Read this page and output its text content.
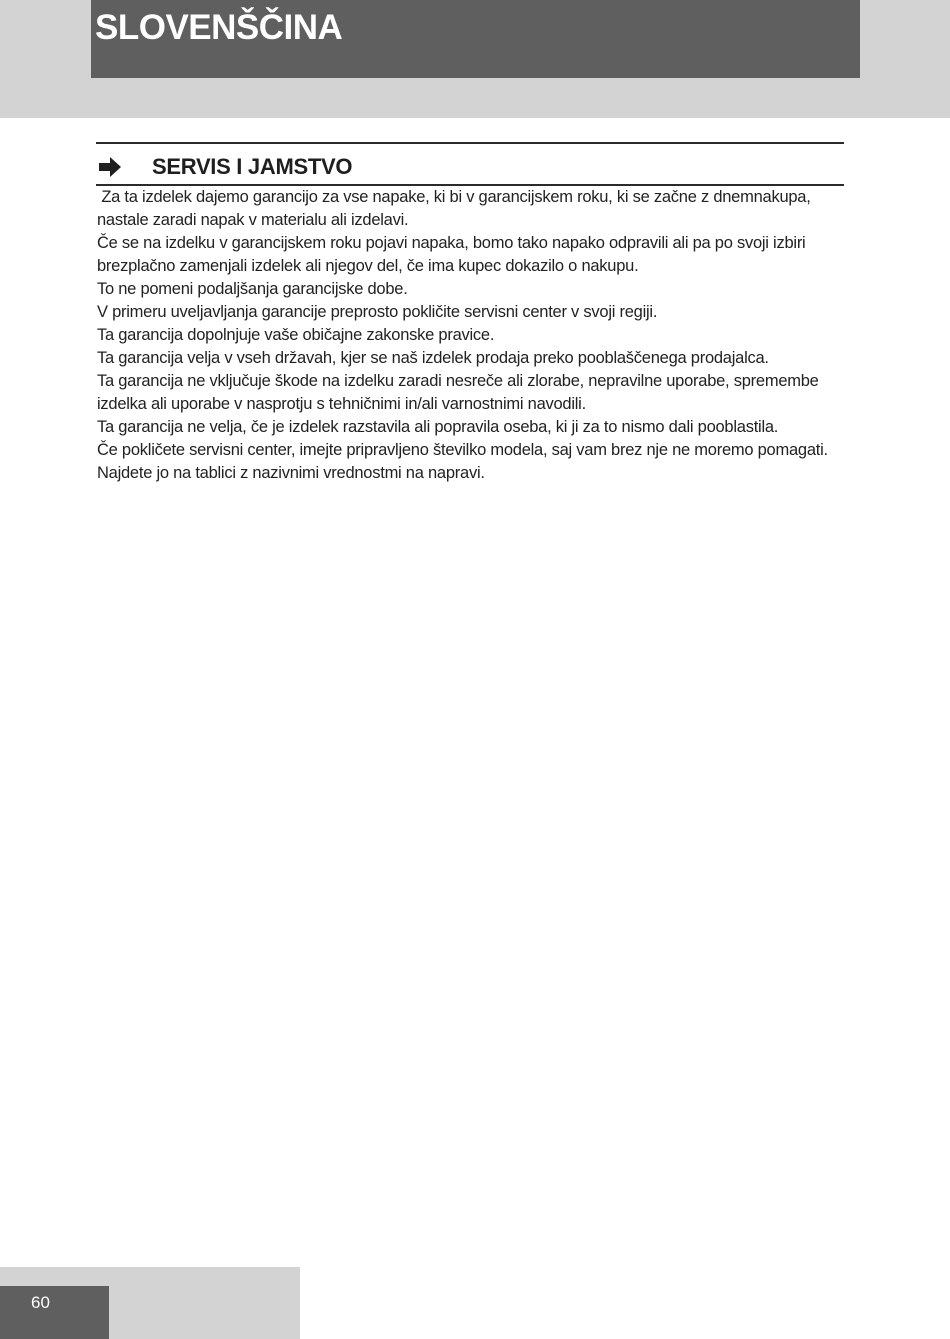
SLOVENŠČINA
SERVIS I JAMSTVO

Za ta izdelek dajemo garancijo za vse napake, ki bi v garancijskem roku, ki se začne z dnemnakupa, nastale zaradi napak v materialu ali izdelavi.

Če se na izdelku v garancijskem roku pojavi napaka, bomo tako napako odpravili ali pa po svoji izbiri brezplačno zamenjali izdelek ali njegov del, če ima kupec dokazilo o nakupu.

To ne pomeni podaljšanja garancijske dobe.

V primeru uveljavljanja garancije preprosto pokličite servisni center v svoji regiji.

Ta garancija dopolnjuje vaše običajne zakonske pravice.

Ta garancija velja v vseh državah, kjer se naš izdelek prodaja preko pooblaščenega prodajalca.

Ta garancija ne vključuje škode na izdelku zaradi nesreče ali zlorabe, nepravilne uporabe, spremembe izdelka ali uporabe v nasprotju s tehničnimi in/ali varnostnimi navodili.

Ta garancija ne velja, če je izdelek razstavila ali popravila oseba, ki ji za to nismo dali pooblastila.

Če pokličete servisni center, imejte pripravljeno številko modela, saj vam brez nje ne moremo pomagati.

Najdete jo na tablici z nazivnimi vrednostmi na napravi.

60
